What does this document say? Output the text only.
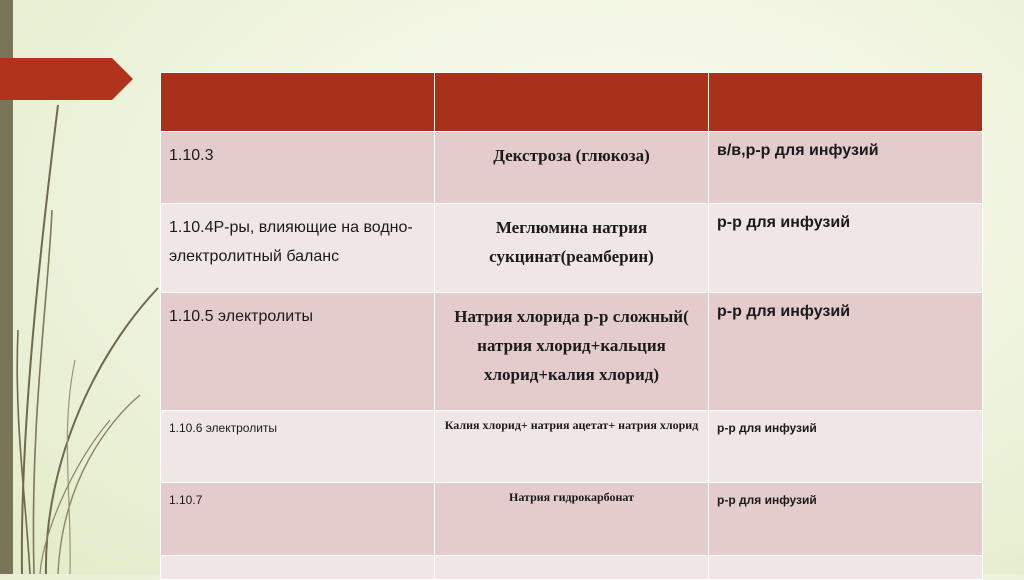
1.10.3	Декстроза (глюкоза)	в/в,р-р для инфузий
1.10.4Р-ры, влияющие на водно-электролитный баланс	Меглюмина натрия сукцинат(реамберин)	р-р для инфузий
1.10.5 электролиты	Натрия хлорида р-р сложный( натрия хлорид+кальция хлорид+калия хлорид)	р-р для инфузий
1.10.6 электролиты	Калия хлорид+ натрия ацетат+ натрия хлорид	р-р для инфузий
1.10.7	Натрия гидрокарбонат	р-р для инфузий
